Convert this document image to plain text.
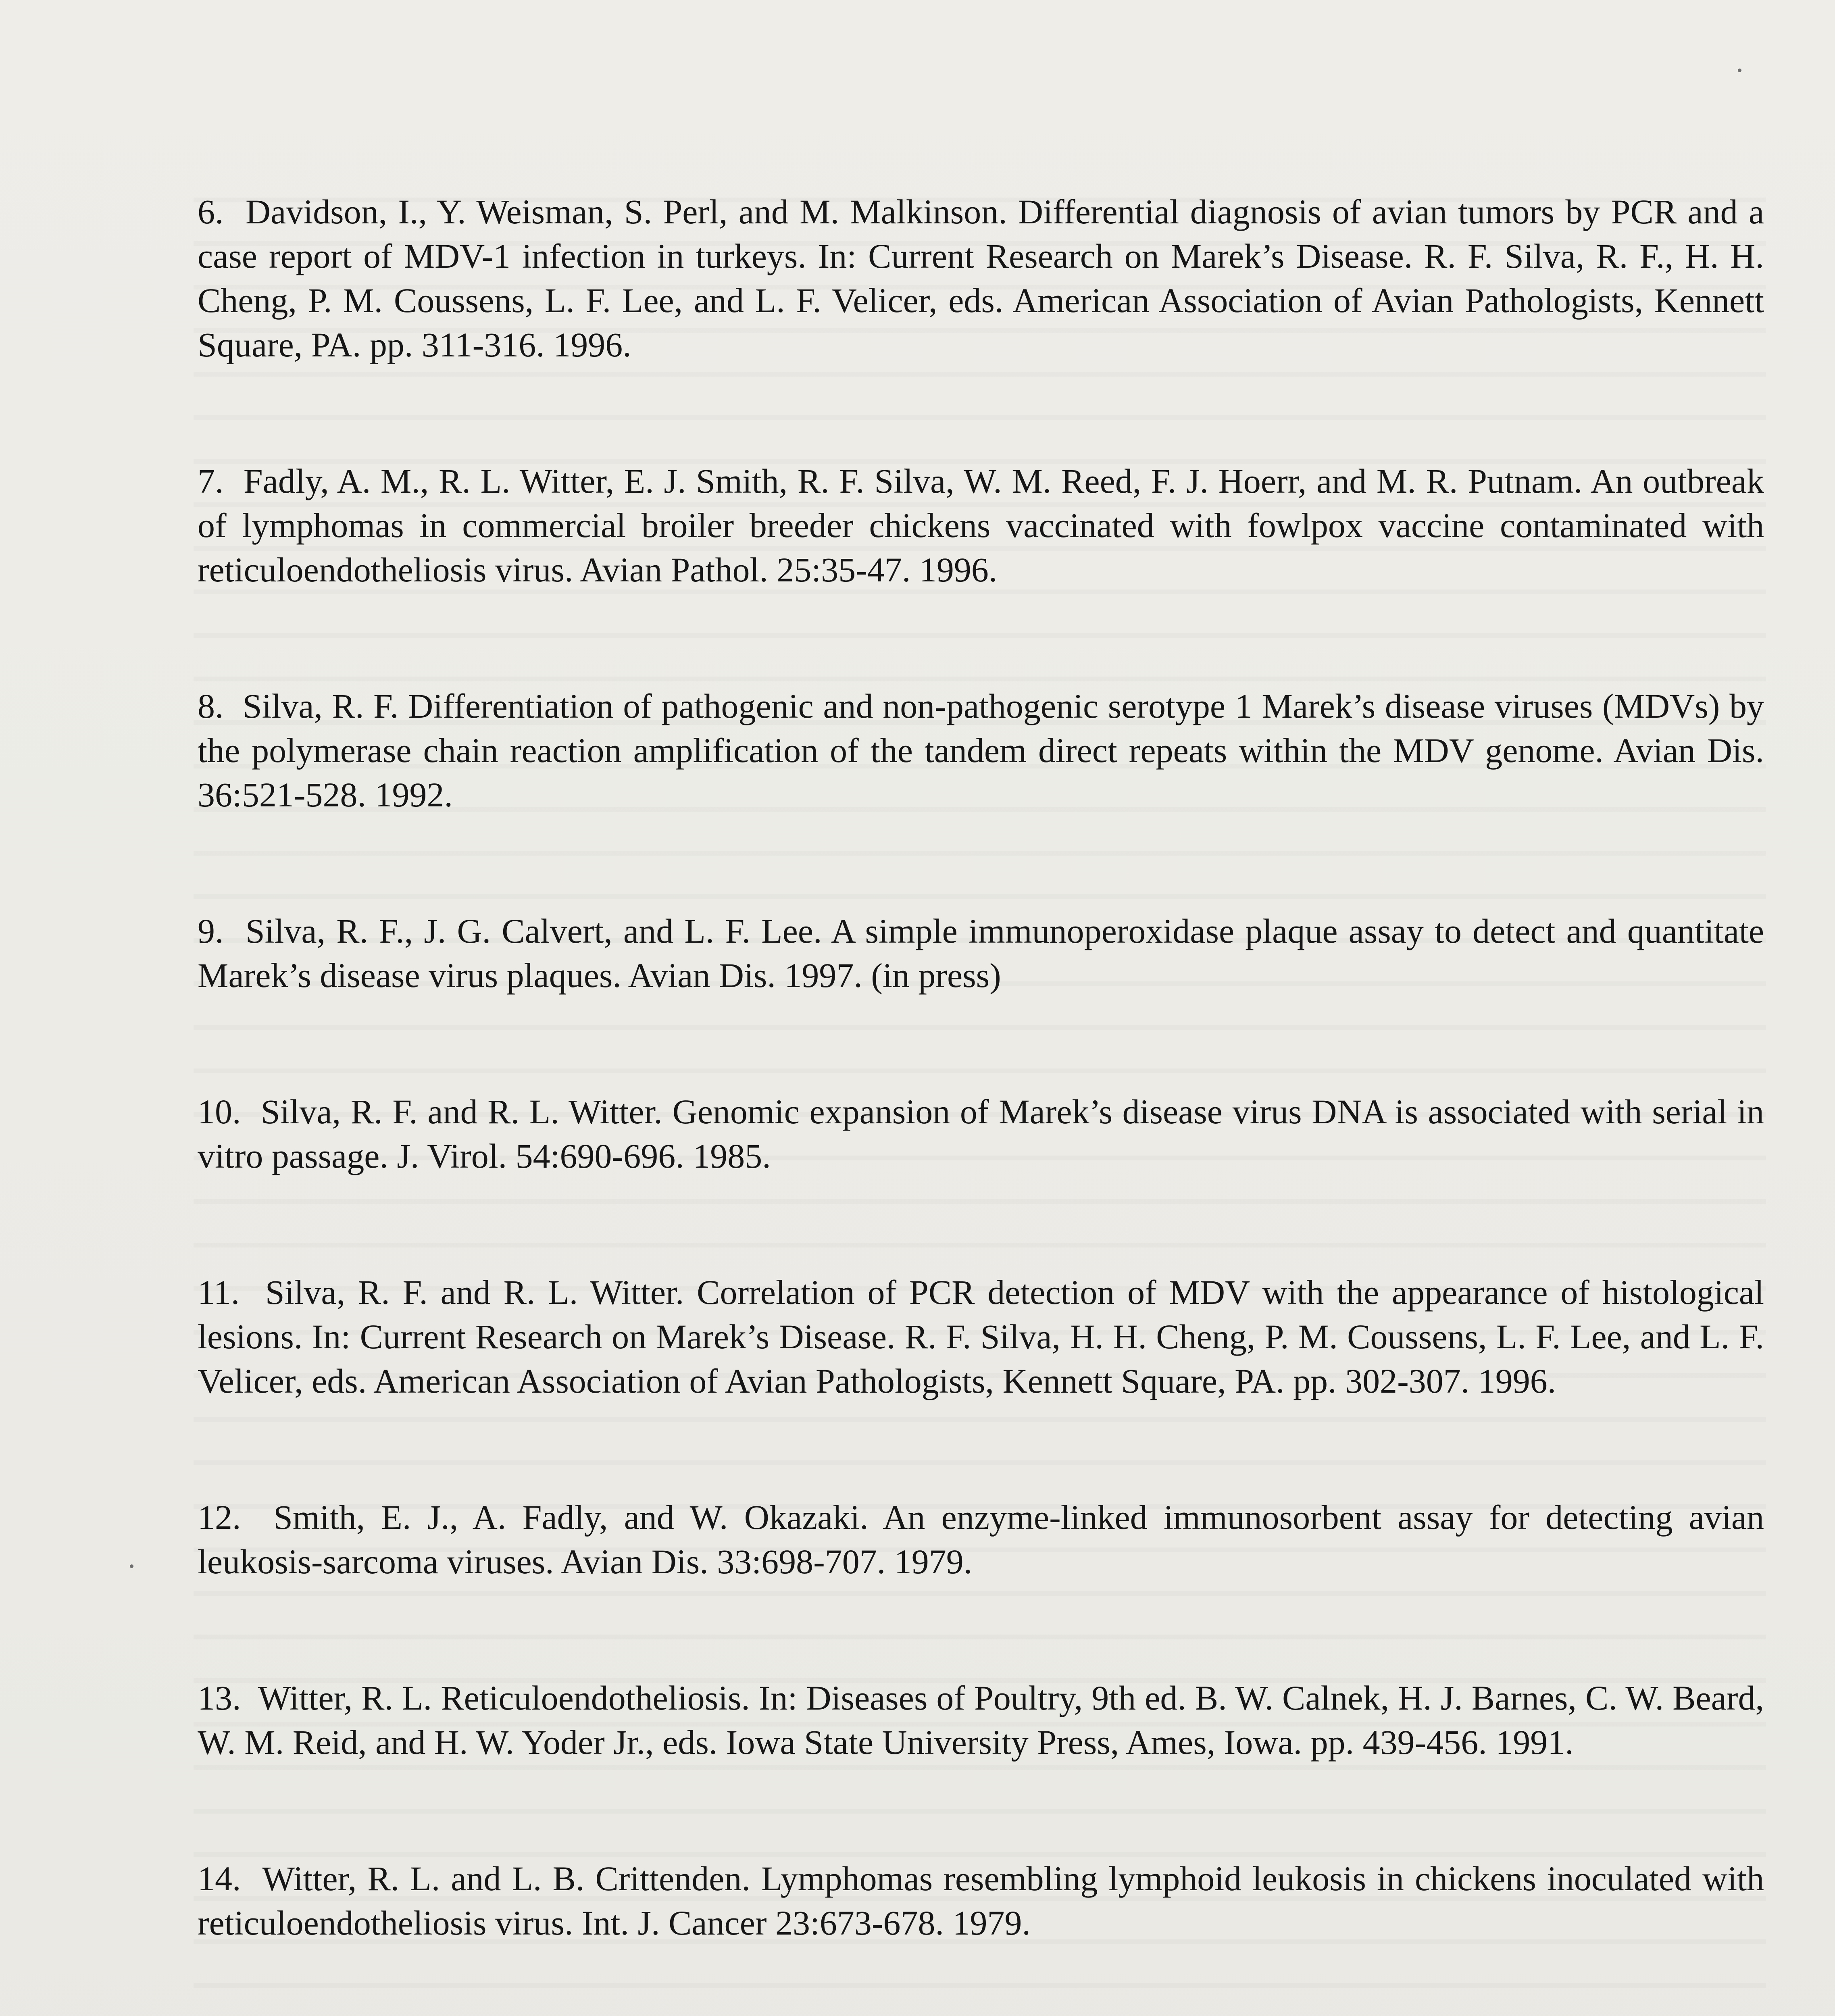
6. Davidson, I., Y. Weisman, S. Perl, and M. Malkinson. Differential diagnosis of avian tumors by PCR and a case report of MDV-1 infection in turkeys. In: Current Research on Marek’s Disease. R. F. Silva, R. F., H. H. Cheng, P. M. Coussens, L. F. Lee, and L. F. Velicer, eds. American Association of Avian Pathologists, Kennett Square, PA. pp. 311-316. 1996.
7. Fadly, A. M., R. L. Witter, E. J. Smith, R. F. Silva, W. M. Reed, F. J. Hoerr, and M. R. Putnam. An outbreak of lymphomas in commercial broiler breeder chickens vaccinated with fowlpox vaccine contaminated with reticuloendotheliosis virus. Avian Pathol. 25:35-47. 1996.
8. Silva, R. F. Differentiation of pathogenic and non-pathogenic serotype 1 Marek’s disease viruses (MDVs) by the polymerase chain reaction amplification of the tandem direct repeats within the MDV genome. Avian Dis. 36:521-528. 1992.
9. Silva, R. F., J. G. Calvert, and L. F. Lee. A simple immunoperoxidase plaque assay to detect and quantitate Marek’s disease virus plaques. Avian Dis. 1997. (in press)
10. Silva, R. F. and R. L. Witter. Genomic expansion of Marek’s disease virus DNA is associated with serial in vitro passage. J. Virol. 54:690-696. 1985.
11. Silva, R. F. and R. L. Witter. Correlation of PCR detection of MDV with the appearance of histological lesions. In: Current Research on Marek’s Disease. R. F. Silva, H. H. Cheng, P. M. Coussens, L. F. Lee, and L. F. Velicer, eds. American Association of Avian Pathologists, Kennett Square, PA. pp. 302-307. 1996.
12. Smith, E. J., A. Fadly, and W. Okazaki. An enzyme-linked immunosorbent assay for detecting avian leukosis-sarcoma viruses. Avian Dis. 33:698-707. 1979.
13. Witter, R. L. Reticuloendotheliosis. In: Diseases of Poultry, 9th ed. B. W. Calnek, H. J. Barnes, C. W. Beard, W. M. Reid, and H. W. Yoder Jr., eds. Iowa State University Press, Ames, Iowa. pp. 439-456. 1991.
14. Witter, R. L. and L. B. Crittenden. Lymphomas resembling lymphoid leukosis in chickens inoculated with reticuloendotheliosis virus. Int. J. Cancer 23:673-678. 1979.
